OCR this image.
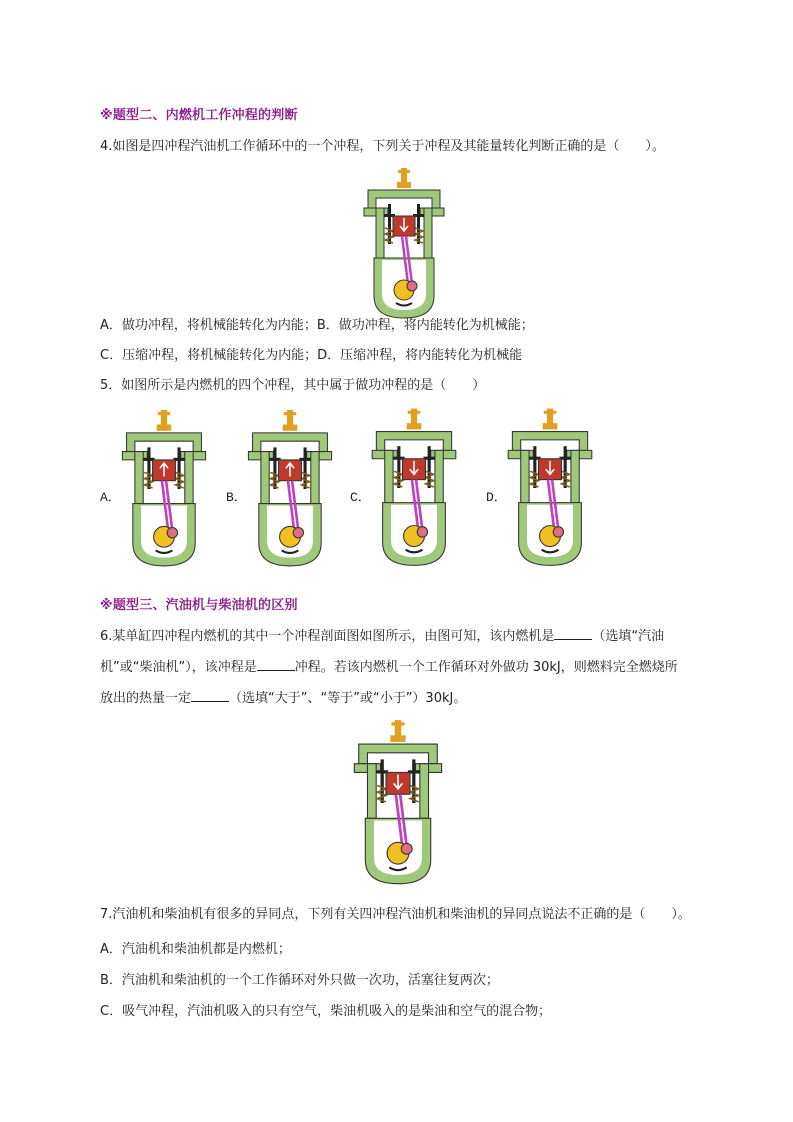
※题型二、内燃机工作冲程的判断
4.如图是四冲程汽油机工作循环中的一个冲程，下列关于冲程及其能量转化判断正确的是（　　）。
A．做功冲程，将机械能转化为内能；B．做功冲程，将内能转化为机械能；
C．压缩冲程，将机械能转化为内能；D．压缩冲程，将内能转化为机械能
5．如图所示是内燃机的四个冲程，其中属于做功冲程的是（　　）
A．	B．	C．	D．
※题型三、汽油机与柴油机的区别
6.某单缸四冲程内燃机的其中一个冲程剖面图如图所示，由图可知，该内燃机是	（选填“汽油
机”或“柴油机”），该冲程是	冲程。若该内燃机一个工作循环对外做功 30kJ，则燃料完全燃烧所
放出的热量一定	（选填“大于”、“等于”或“小于”）30kJ。
7.汽油机和柴油机有很多的异同点，下列有关四冲程汽油机和柴油机的异同点说法不正确的是（　　）。
A．汽油机和柴油机都是内燃机；
B．汽油机和柴油机的一个工作循环对外只做一次功，活塞往复两次；
C．吸气冲程，汽油机吸入的只有空气，柴油机吸入的是柴油和空气的混合物；
